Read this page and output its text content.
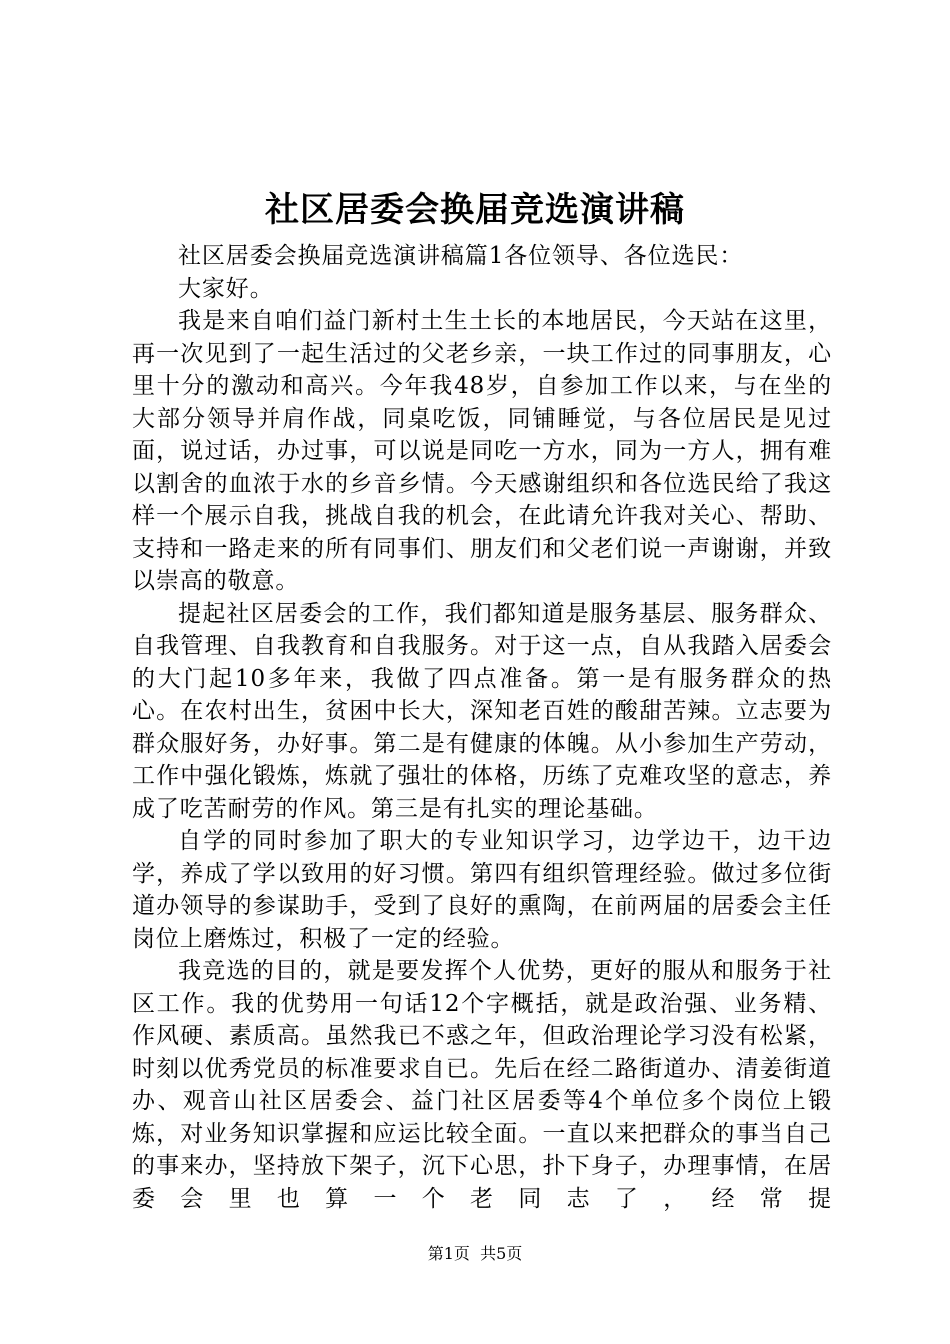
社区居委会换届竞选演讲稿

社区居委会换届竞选演讲稿篇1各位领导、各位选民：

大家好。

我是来自咱们益门新村土生土长的本地居民，今天站在这里，再一次见到了一起生活过的父老乡亲，一块工作过的同事朋友，心里十分的激动和高兴。今年我48岁，自参加工作以来，与在坐的大部分领导并肩作战，同桌吃饭，同铺睡觉，与各位居民是见过面，说过话，办过事，可以说是同吃一方水，同为一方人，拥有难以割舍的血浓于水的乡音乡情。今天感谢组织和各位选民给了我这样一个展示自我，挑战自我的机会，在此请允许我对关心、帮助、支持和一路走来的所有同事们、朋友们和父老们说一声谢谢，并致以崇高的敬意。

提起社区居委会的工作，我们都知道是服务基层、服务群众、自我管理、自我教育和自我服务。对于这一点，自从我踏入居委会的大门起10多年来，我做了四点准备。第一是有服务群众的热心。在农村出生，贫困中长大，深知老百姓的酸甜苦辣。立志要为群众服好务，办好事。第二是有健康的体魄。从小参加生产劳动，工作中强化锻炼，炼就了强壮的体格，历练了克难攻坚的意志，养成了吃苦耐劳的作风。第三是有扎实的理论基础。

自学的同时参加了职大的专业知识学习，边学边干，边干边学，养成了学以致用的好习惯。第四有组织管理经验。做过多位街道办领导的参谋助手，受到了良好的熏陶，在前两届的居委会主任岗位上磨炼过，积极了一定的经验。

我竞选的目的，就是要发挥个人优势，更好的服从和服务于社区工作。我的优势用一句话12个字概括，就是政治强、业务精、作风硬、素质高。虽然我已不惑之年，但政治理论学习没有松紧，时刻以优秀党员的标准要求自已。先后在经二路街道办、清姜街道办、观音山社区居委会、益门社区居委等4个单位多个岗位上锻炼，对业务知识掌握和应运比较全面。一直以来把群众的事当自己的事来办，坚持放下架子，沉下心思，扑下身子，办理事情，在居委会里也算一个老同志了，经常提

第1页 共5页
